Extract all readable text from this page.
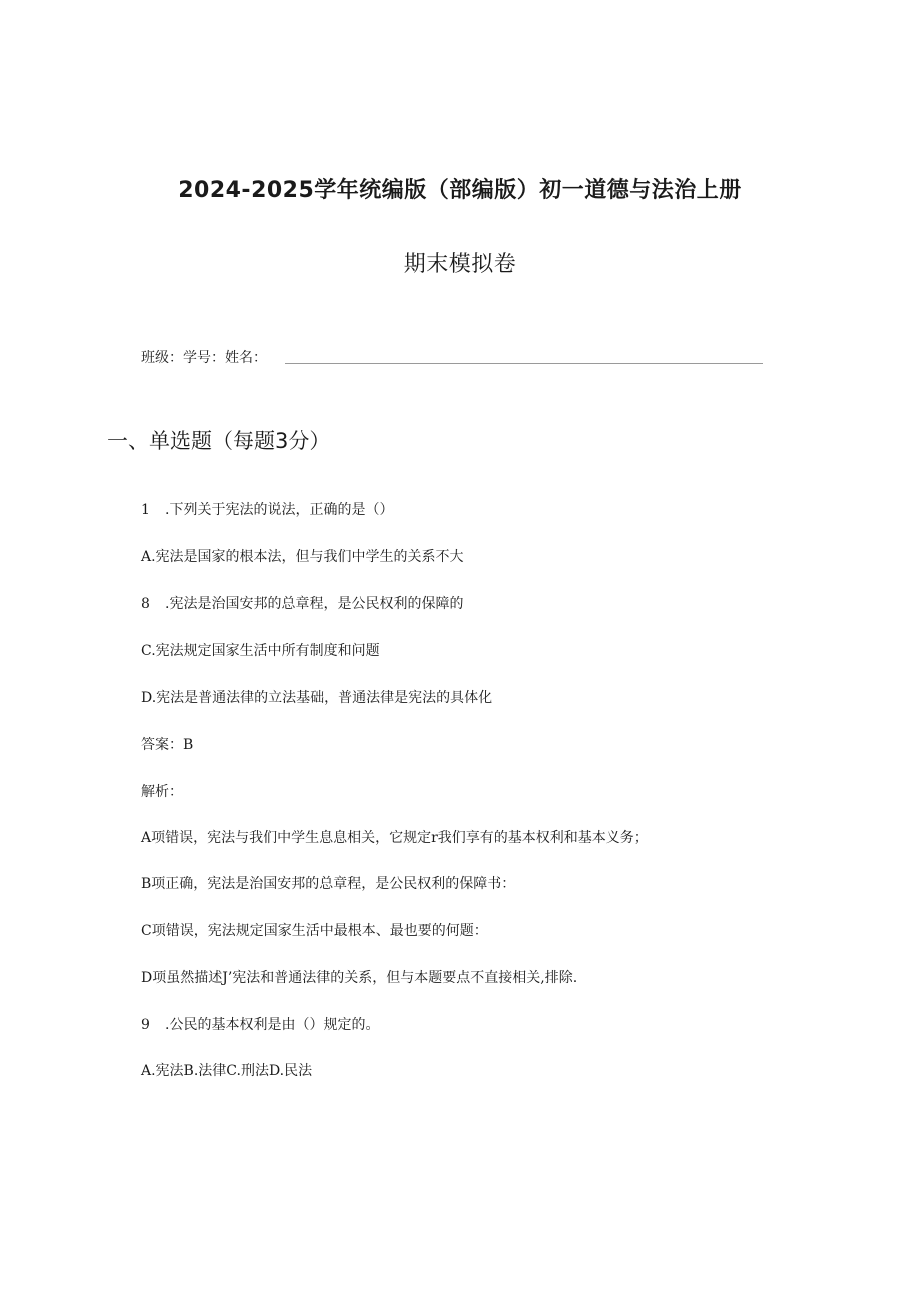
2024-2025学年统编版（部编版）初一道德与法治上册
期末模拟卷
班级：学号：姓名：
一、单选题（每题3分）
1 .下列关于宪法的说法，正确的是（）
A.宪法是国家的根本法，但与我们中学生的关系不大
8 .宪法是治国安邦的总章程，是公民权利的保障的
C.宪法规定国家生活中所有制度和问题
D.宪法是普通法律的立法基础，普通法律是宪法的具体化
答案：B
解析：
A项错误，宪法与我们中学生息息相关，它规定r我们享有的基本权利和基本义务；
B项正确，宪法是治国安邦的总章程，是公民权利的保障书：
C项错误，宪法规定国家生活中最根本、最也要的何题：
D项虽然描述J’宪法和普通法律的关系，但与本题要点不直接相关,排除.
9 .公民的基本权利是由（）规定的。
A.宪法B.法律C.刑法D.民法
